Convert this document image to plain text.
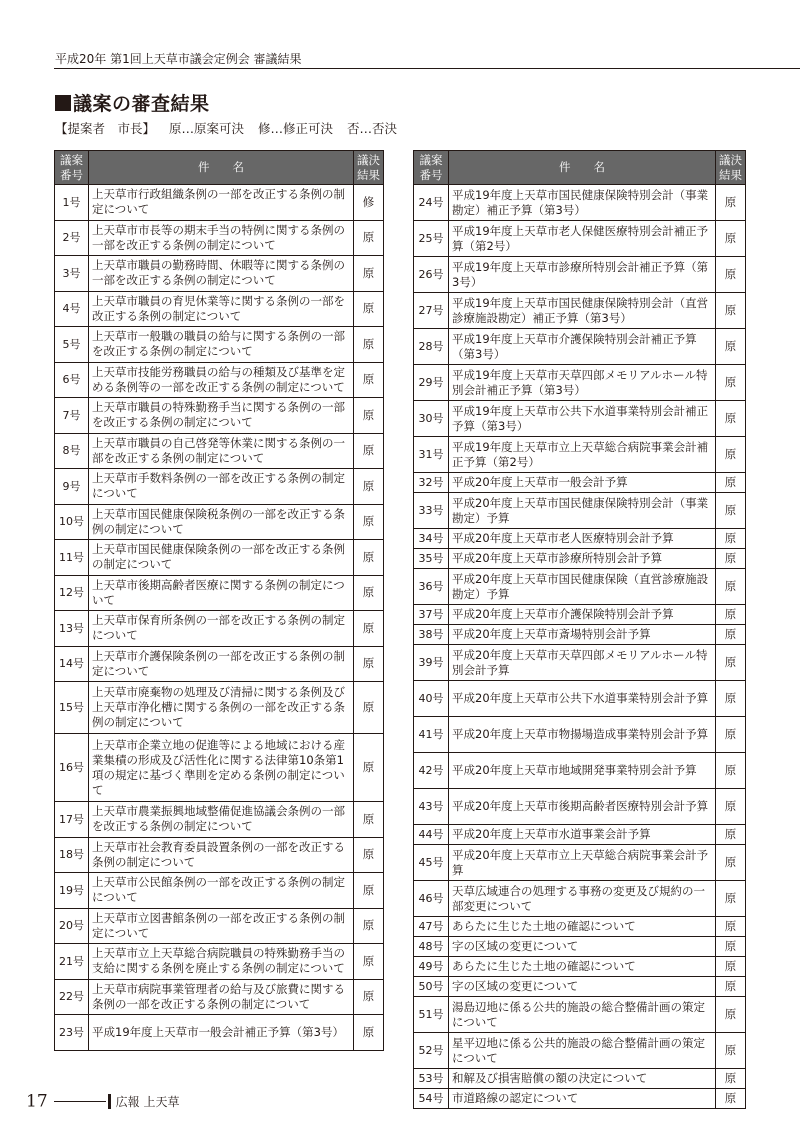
平成20年 第1回上天草市議会定例会 審議結果
議案の審査結果
【提案者　市長】 原…原案可決 修…修正可決 否…否決
議案番号	件　　名	議決結果
1号	上天草市行政組織条例の一部を改正する条例の制定について	修
2号	上天草市市長等の期末手当の特例に関する条例の一部を改正する条例の制定について	原
3号	上天草市職員の勤務時間、休暇等に関する条例の一部を改正する条例の制定について	原
4号	上天草市職員の育児休業等に関する条例の一部を改正する条例の制定について	原
5号	上天草市一般職の職員の給与に関する条例の一部を改正する条例の制定について	原
6号	上天草市技能労務職員の給与の種類及び基準を定める条例等の一部を改正する条例の制定について	原
7号	上天草市職員の特殊勤務手当に関する条例の一部を改正する条例の制定について	原
8号	上天草市職員の自己啓発等休業に関する条例の一部を改正する条例の制定について	原
9号	上天草市手数料条例の一部を改正する条例の制定について	原
10号	上天草市国民健康保険税条例の一部を改正する条例の制定について	原
11号	上天草市国民健康保険条例の一部を改正する条例の制定について	原
12号	上天草市後期高齢者医療に関する条例の制定について	原
13号	上天草市保育所条例の一部を改正する条例の制定について	原
14号	上天草市介護保険条例の一部を改正する条例の制定について	原
15号	上天草市廃棄物の処理及び清掃に関する条例及び上天草市浄化槽に関する条例の一部を改正する条例の制定について	原
16号	上天草市企業立地の促進等による地域における産業集積の形成及び活性化に関する法律第10条第1項の規定に基づく準則を定める条例の制定について	原
17号	上天草市農業振興地域整備促進協議会条例の一部を改正する条例の制定について	原
18号	上天草市社会教育委員設置条例の一部を改正する条例の制定について	原
19号	上天草市公民館条例の一部を改正する条例の制定について	原
20号	上天草市立図書館条例の一部を改正する条例の制定について	原
21号	上天草市立上天草総合病院職員の特殊勤務手当の支給に関する条例を廃止する条例の制定について	原
22号	上天草市病院事業管理者の給与及び旅費に関する条例の一部を改正する条例の制定について	原
23号	平成19年度上天草市一般会計補正予算（第3号）	原
議案番号	件　　名	議決結果
24号	平成19年度上天草市国民健康保険特別会計（事業勘定）補正予算（第3号）	原
25号	平成19年度上天草市老人保健医療特別会計補正予算（第2号）	原
26号	平成19年度上天草市診療所特別会計補正予算（第3号）	原
27号	平成19年度上天草市国民健康保険特別会計（直営診療施設勘定）補正予算（第3号）	原
28号	平成19年度上天草市介護保険特別会計補正予算（第3号）	原
29号	平成19年度上天草市天草四郎メモリアルホール特別会計補正予算（第3号）	原
30号	平成19年度上天草市公共下水道事業特別会計補正予算（第3号）	原
31号	平成19年度上天草市立上天草総合病院事業会計補正予算（第2号）	原
32号	平成20年度上天草市一般会計予算	原
33号	平成20年度上天草市国民健康保険特別会計（事業勘定）予算	原
34号	平成20年度上天草市老人医療特別会計予算	原
35号	平成20年度上天草市診療所特別会計予算	原
36号	平成20年度上天草市国民健康保険（直営診療施設勘定）予算	原
37号	平成20年度上天草市介護保険特別会計予算	原
38号	平成20年度上天草市斎場特別会計予算	原
39号	平成20年度上天草市天草四郎メモリアルホール特別会計予算	原
40号	平成20年度上天草市公共下水道事業特別会計予算	原
41号	平成20年度上天草市物揚場造成事業特別会計予算	原
42号	平成20年度上天草市地域開発事業特別会計予算	原
43号	平成20年度上天草市後期高齢者医療特別会計予算	原
44号	平成20年度上天草市水道事業会計予算	原
45号	平成20年度上天草市立上天草総合病院事業会計予算	原
46号	天草広域連合の処理する事務の変更及び規約の一部変更について	原
47号	あらたに生じた土地の確認について	原
48号	字の区域の変更について	原
49号	あらたに生じた土地の確認について	原
50号	字の区域の変更について	原
51号	湯島辺地に係る公共的施設の総合整備計画の策定について	原
52号	星平辺地に係る公共的施設の総合整備計画の策定について	原
53号	和解及び損害賠償の額の決定について	原
54号	市道路線の認定について	原
17	広報 上天草
